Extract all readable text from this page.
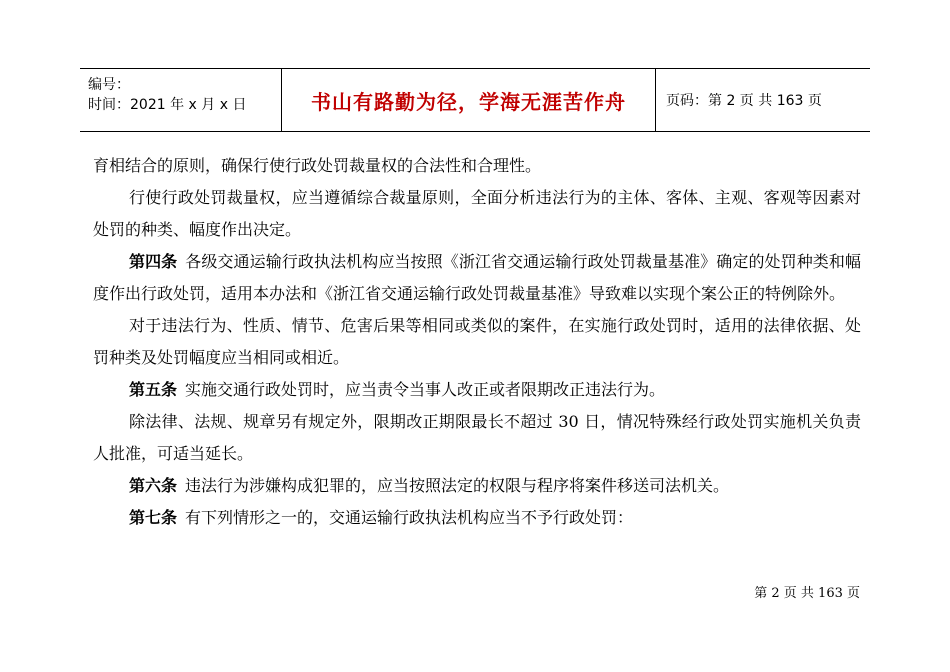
编号：
时间：2021 年 x 月 x 日	书山有路勤为径，学海无涯苦作舟	页码：第 2 页 共 163 页

育相结合的原则，确保行使行政处罚裁量权的合法性和合理性。

行使行政处罚裁量权，应当遵循综合裁量原则，全面分析违法行为的主体、客体、主观、客观等因素对处罚的种类、幅度作出决定。

第四条 各级交通运输行政执法机构应当按照《浙江省交通运输行政处罚裁量基准》确定的处罚种类和幅度作出行政处罚，适用本办法和《浙江省交通运输行政处罚裁量基准》导致难以实现个案公正的特例除外。

对于违法行为、性质、情节、危害后果等相同或类似的案件，在实施行政处罚时，适用的法律依据、处罚种类及处罚幅度应当相同或相近。

第五条 实施交通行政处罚时，应当责令当事人改正或者限期改正违法行为。

除法律、法规、规章另有规定外，限期改正期限最长不超过 30 日，情况特殊经行政处罚实施机关负责人批准，可适当延长。

第六条 违法行为涉嫌构成犯罪的，应当按照法定的权限与程序将案件移送司法机关。

第七条 有下列情形之一的，交通运输行政执法机构应当不予行政处罚：

第 2 页 共 163 页
